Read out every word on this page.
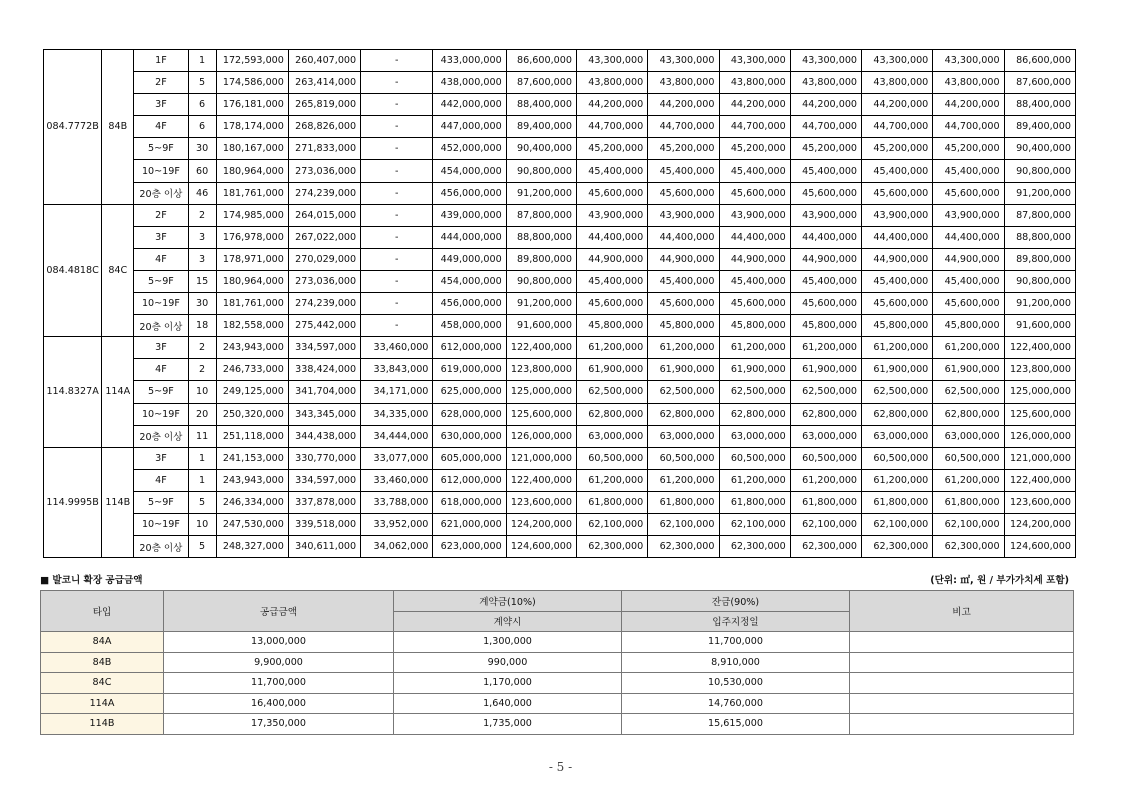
084.7772B	84B	1F	1	172,593,000	260,407,000	-	433,000,000	86,600,000	43,300,000	43,300,000	43,300,000	43,300,000	43,300,000	43,300,000	86,600,000
		2F	5	174,586,000	263,414,000	-	438,000,000	87,600,000	43,800,000	43,800,000	43,800,000	43,800,000	43,800,000	43,800,000	87,600,000
		3F	6	176,181,000	265,819,000	-	442,000,000	88,400,000	44,200,000	44,200,000	44,200,000	44,200,000	44,200,000	44,200,000	88,400,000
		4F	6	178,174,000	268,826,000	-	447,000,000	89,400,000	44,700,000	44,700,000	44,700,000	44,700,000	44,700,000	44,700,000	89,400,000
		5~9F	30	180,167,000	271,833,000	-	452,000,000	90,400,000	45,200,000	45,200,000	45,200,000	45,200,000	45,200,000	45,200,000	90,400,000
		10~19F	60	180,964,000	273,036,000	-	454,000,000	90,800,000	45,400,000	45,400,000	45,400,000	45,400,000	45,400,000	45,400,000	90,800,000
		20층 이상	46	181,761,000	274,239,000	-	456,000,000	91,200,000	45,600,000	45,600,000	45,600,000	45,600,000	45,600,000	45,600,000	91,200,000
084.4818C	84C	2F	2	174,985,000	264,015,000	-	439,000,000	87,800,000	43,900,000	43,900,000	43,900,000	43,900,000	43,900,000	43,900,000	87,800,000
		3F	3	176,978,000	267,022,000	-	444,000,000	88,800,000	44,400,000	44,400,000	44,400,000	44,400,000	44,400,000	44,400,000	88,800,000
		4F	3	178,971,000	270,029,000	-	449,000,000	89,800,000	44,900,000	44,900,000	44,900,000	44,900,000	44,900,000	44,900,000	89,800,000
		5~9F	15	180,964,000	273,036,000	-	454,000,000	90,800,000	45,400,000	45,400,000	45,400,000	45,400,000	45,400,000	45,400,000	90,800,000
		10~19F	30	181,761,000	274,239,000	-	456,000,000	91,200,000	45,600,000	45,600,000	45,600,000	45,600,000	45,600,000	45,600,000	91,200,000
		20층 이상	18	182,558,000	275,442,000	-	458,000,000	91,600,000	45,800,000	45,800,000	45,800,000	45,800,000	45,800,000	45,800,000	91,600,000
114.8327A	114A	3F	2	243,943,000	334,597,000	33,460,000	612,000,000	122,400,000	61,200,000	61,200,000	61,200,000	61,200,000	61,200,000	61,200,000	122,400,000
		4F	2	246,733,000	338,424,000	33,843,000	619,000,000	123,800,000	61,900,000	61,900,000	61,900,000	61,900,000	61,900,000	61,900,000	123,800,000
		5~9F	10	249,125,000	341,704,000	34,171,000	625,000,000	125,000,000	62,500,000	62,500,000	62,500,000	62,500,000	62,500,000	62,500,000	125,000,000
		10~19F	20	250,320,000	343,345,000	34,335,000	628,000,000	125,600,000	62,800,000	62,800,000	62,800,000	62,800,000	62,800,000	62,800,000	125,600,000
		20층 이상	11	251,118,000	344,438,000	34,444,000	630,000,000	126,000,000	63,000,000	63,000,000	63,000,000	63,000,000	63,000,000	63,000,000	126,000,000
114.9995B	114B	3F	1	241,153,000	330,770,000	33,077,000	605,000,000	121,000,000	60,500,000	60,500,000	60,500,000	60,500,000	60,500,000	60,500,000	121,000,000
		4F	1	243,943,000	334,597,000	33,460,000	612,000,000	122,400,000	61,200,000	61,200,000	61,200,000	61,200,000	61,200,000	61,200,000	122,400,000
		5~9F	5	246,334,000	337,878,000	33,788,000	618,000,000	123,600,000	61,800,000	61,800,000	61,800,000	61,800,000	61,800,000	61,800,000	123,600,000
		10~19F	10	247,530,000	339,518,000	33,952,000	621,000,000	124,200,000	62,100,000	62,100,000	62,100,000	62,100,000	62,100,000	62,100,000	124,200,000
		20층 이상	5	248,327,000	340,611,000	34,062,000	623,000,000	124,600,000	62,300,000	62,300,000	62,300,000	62,300,000	62,300,000	62,300,000	124,600,000
■ 발코니 확장 공급금액	(단위: ㎡, 원 / 부가가치세 포함)
타입	공급금액	계약금(10%)	잔금(90%)	비고
		계약시	입주지정일	
84A	13,000,000	1,300,000	11,700,000	
84B	9,900,000	990,000	8,910,000	
84C	11,700,000	1,170,000	10,530,000	
114A	16,400,000	1,640,000	14,760,000	
114B	17,350,000	1,735,000	15,615,000	
- 5 -
